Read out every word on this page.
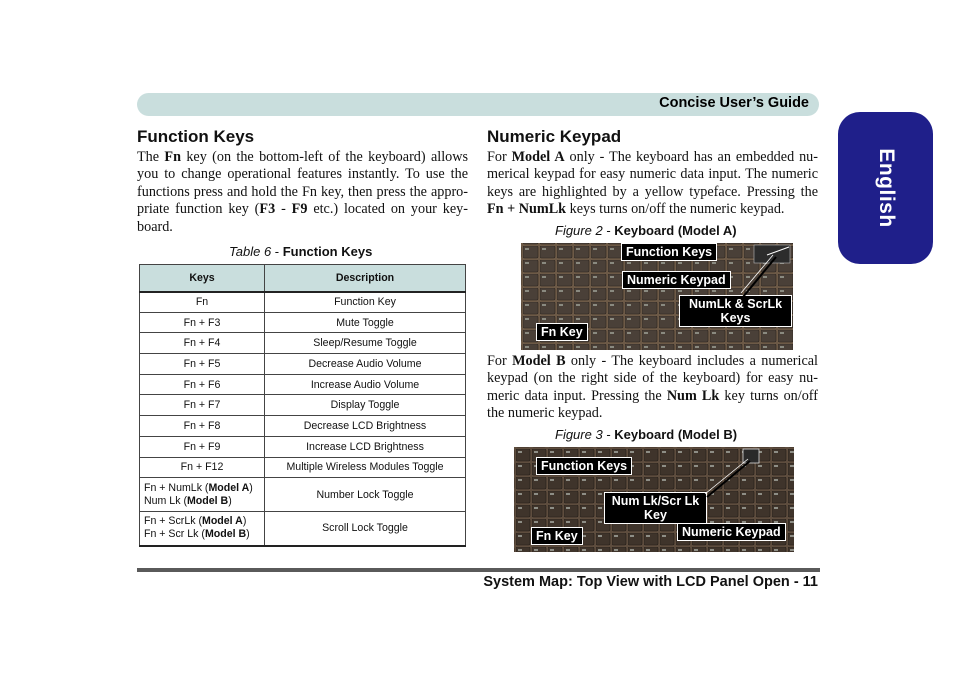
Concise User’s Guide
English
Function Keys
The Fn key (on the bottom-left of the keyboard) allows you to change operational features instantly. To use the functions press and hold the Fn key, then press the appropriate function key (F3 - F9 etc.) located on your keyboard.
Table 6 - Function Keys
Keys	Description
Fn	Function Key
Fn + F3	Mute Toggle
Fn + F4	Sleep/Resume Toggle
Fn + F5	Decrease Audio Volume
Fn + F6	Increase Audio Volume
Fn + F7	Display Toggle
Fn + F8	Decrease LCD Brightness
Fn + F9	Increase LCD Brightness
Fn + F12	Multiple Wireless Modules Toggle
Fn + NumLk (Model A)
Num Lk (Model B)	Number Lock Toggle
Fn + ScrLk (Model A)
Fn + Scr Lk (Model B)	Scroll Lock Toggle
Numeric Keypad
For Model A only - The keyboard has an embedded numerical keypad for easy numeric data input. The numeric keys are highlighted by a yellow typeface. Pressing the Fn + NumLk keys turns on/off the numeric keypad.
Figure 2 - Keyboard (Model A)
Function Keys
Numeric Keypad
NumLk & ScrLk
Keys
Fn Key
For Model B only - The keyboard includes a numerical keypad (on the right side of the keyboard) for easy numeric data input. Pressing the Num Lk key turns on/off the numeric keypad.
Figure 3 - Keyboard (Model B)
Function Keys
Num Lk/Scr Lk
Key
Fn Key	Numeric Keypad
System Map: Top View with LCD Panel Open - 11
